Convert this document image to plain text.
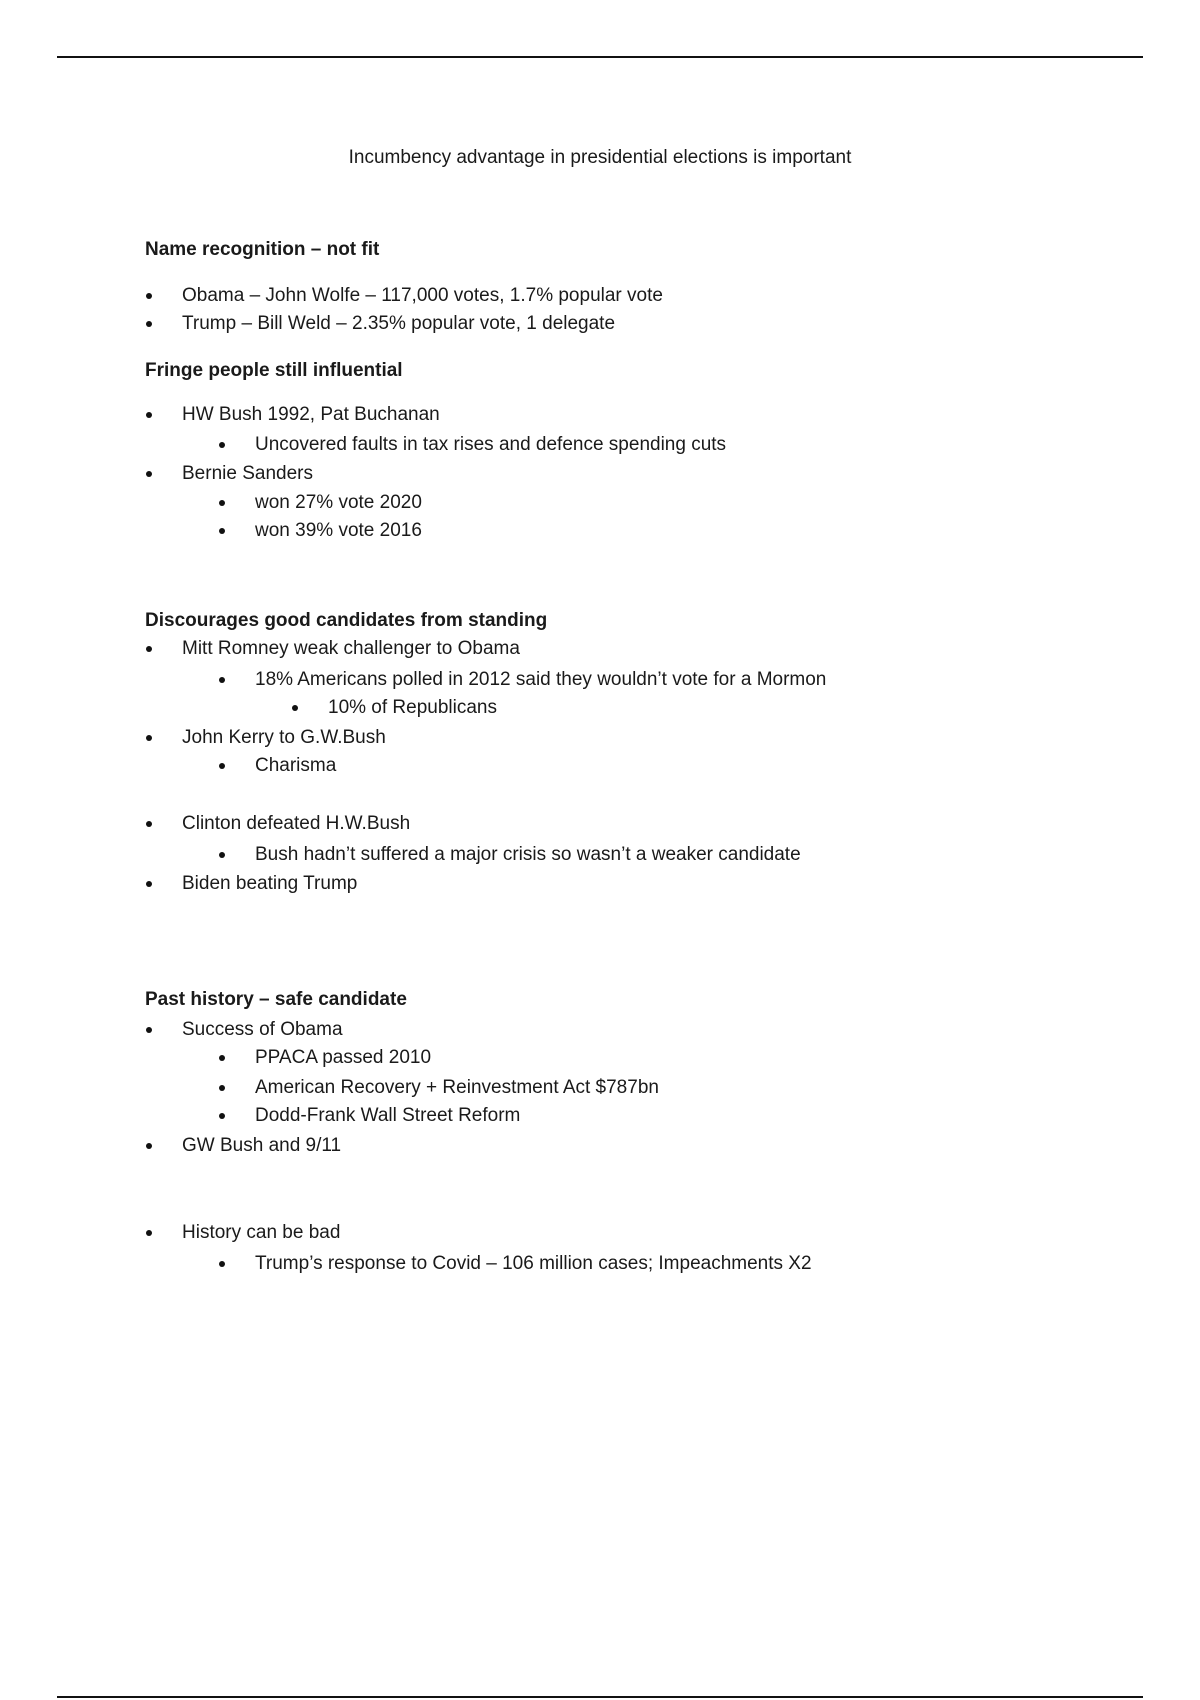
Incumbency advantage in presidential elections is important
Name recognition – not fit
Obama – John Wolfe – 117,000 votes, 1.7% popular vote
Trump – Bill Weld – 2.35% popular vote, 1 delegate
Fringe people still influential
HW Bush 1992, Pat Buchanan
Uncovered faults in tax rises and defence spending cuts
Bernie Sanders
won 27% vote 2020
won 39% vote 2016
Discourages good candidates from standing
Mitt Romney weak challenger to Obama
18% Americans polled in 2012 said they wouldn’t vote for a Mormon
10% of Republicans
John Kerry to G.W.Bush
Charisma
Clinton defeated H.W.Bush
Bush hadn’t suffered a major crisis so wasn’t a weaker candidate
Biden beating Trump
Past history – safe candidate
Success of Obama
PPACA passed 2010
American Recovery + Reinvestment Act $787bn
Dodd-Frank Wall Street Reform
GW Bush and 9/11
History can be bad
Trump’s response to Covid – 106 million cases; Impeachments X2
